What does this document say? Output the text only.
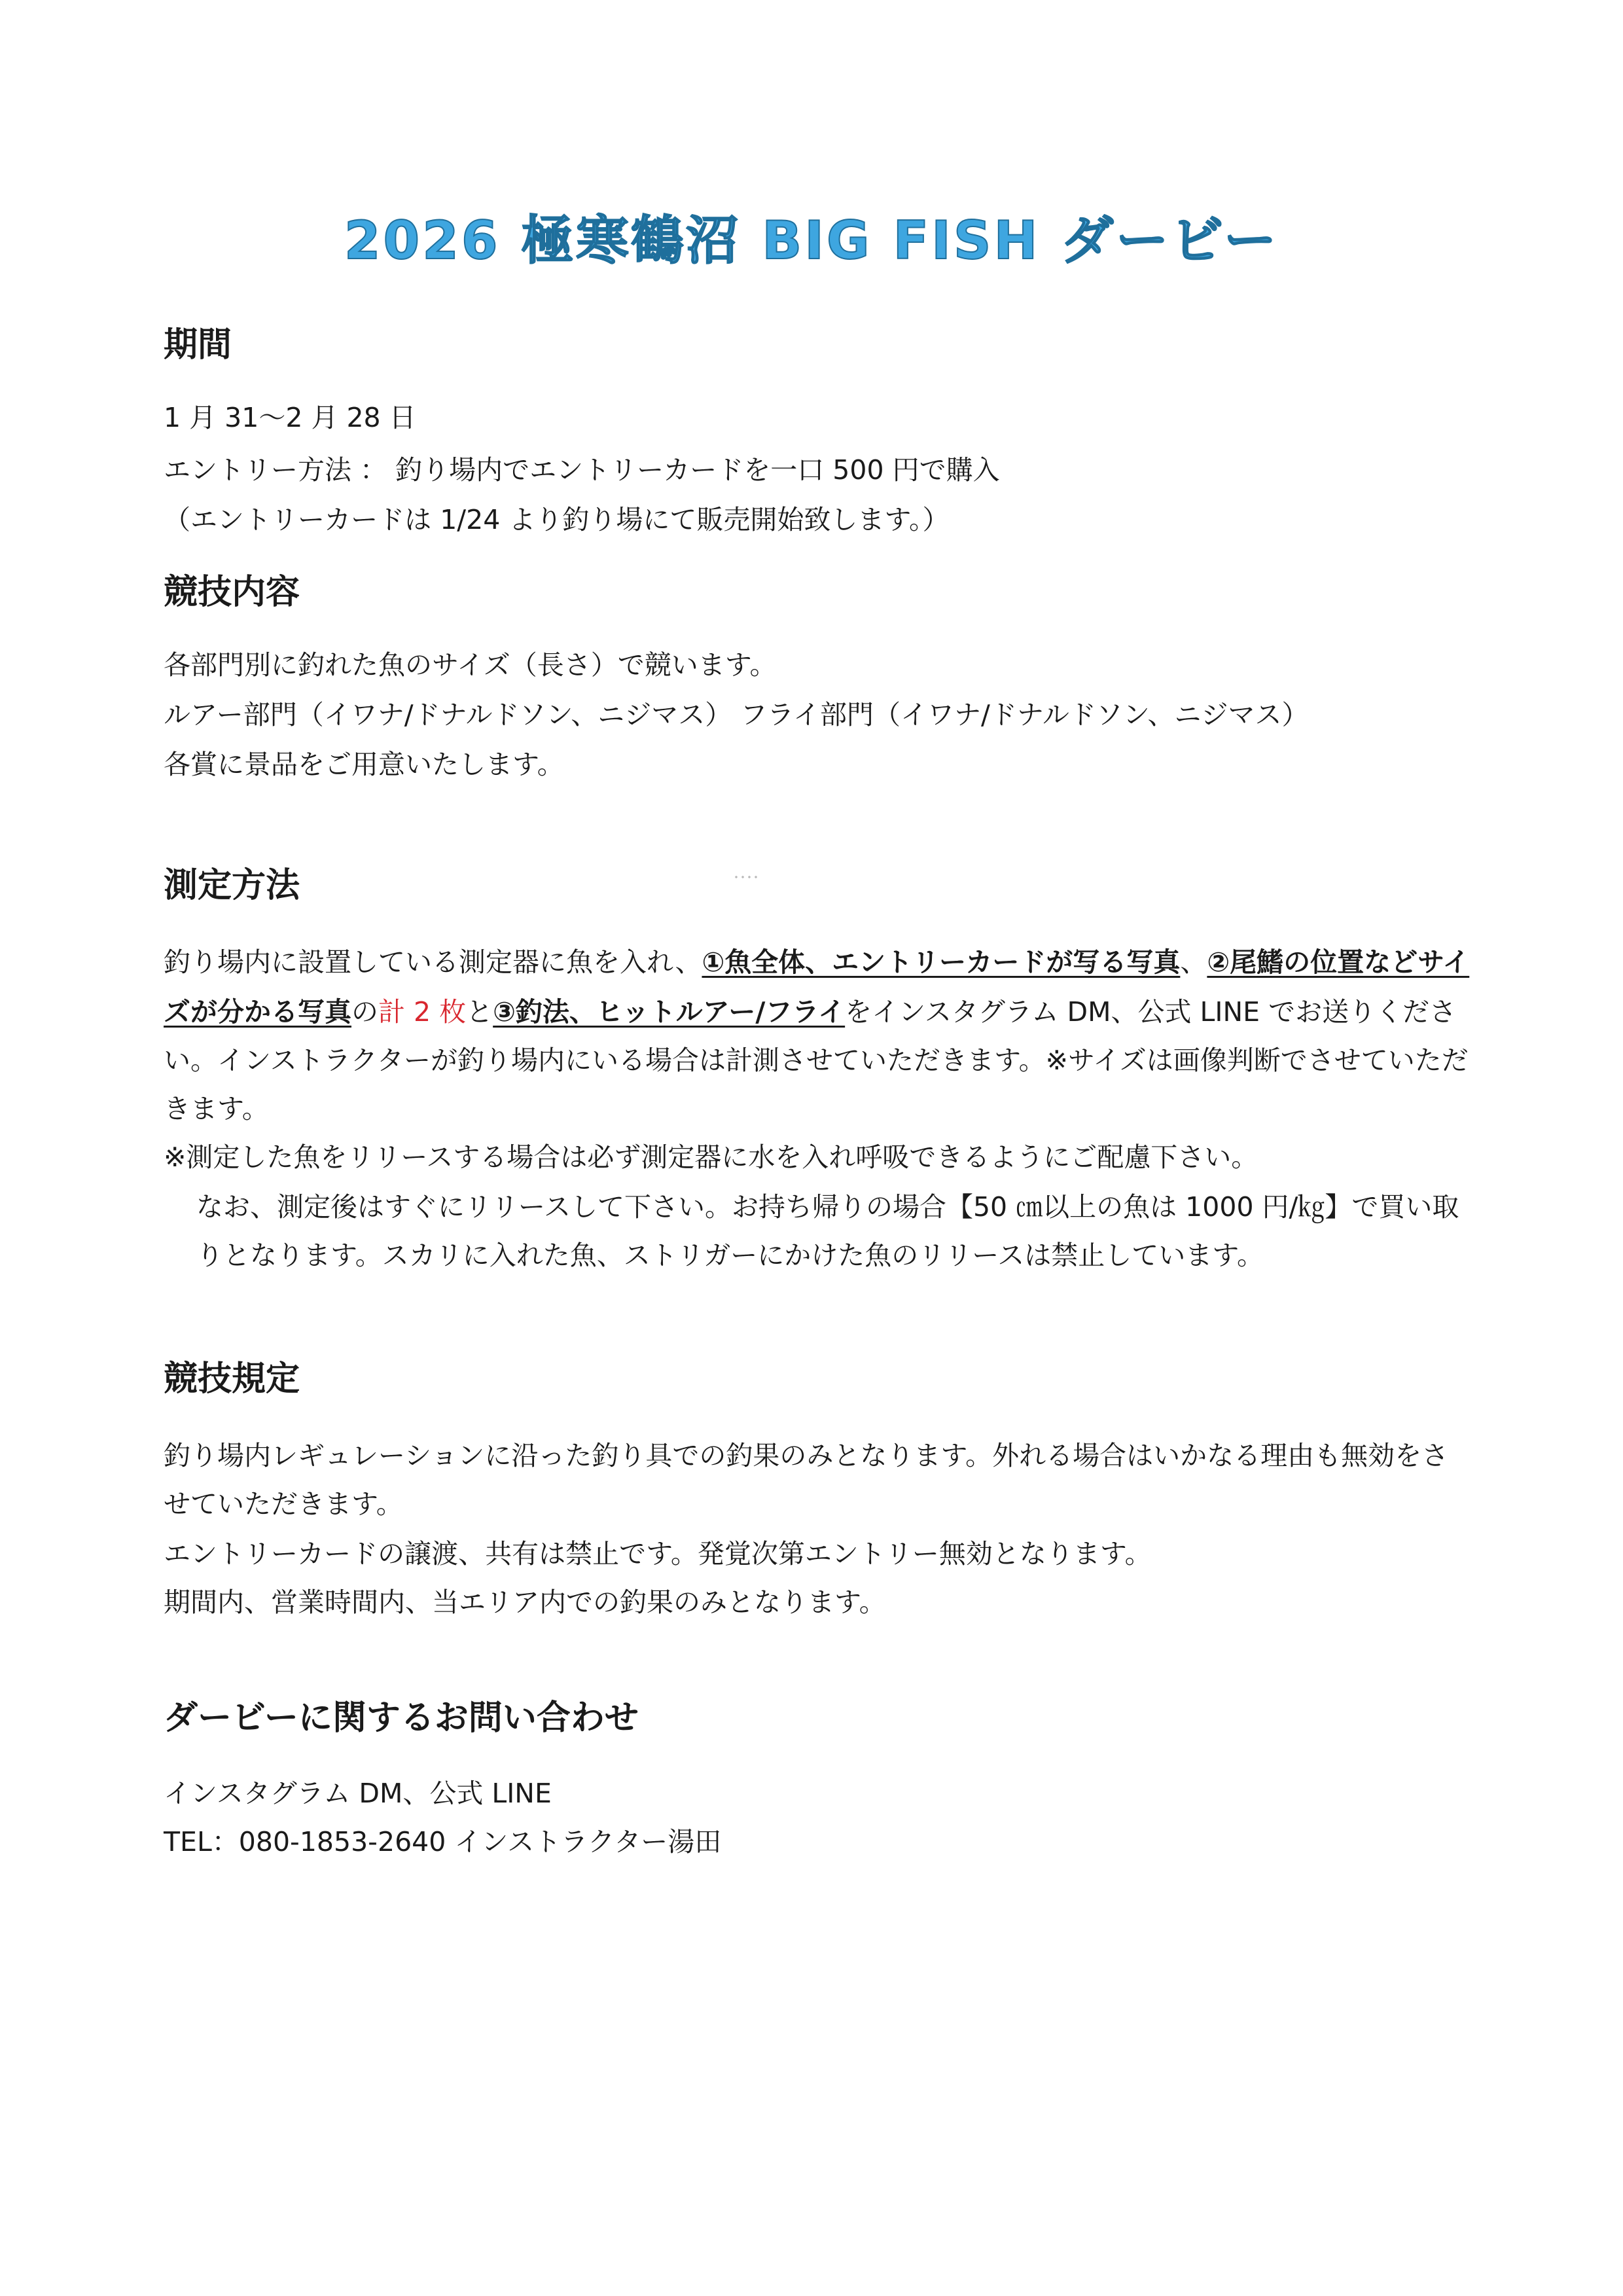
2026 極寒鶴沼 BIG FISH ダービー
期間
1 月 31～2 月 28 日
エントリー方法 ： 釣り場内でエントリーカードを一口 500 円で購入
（エントリーカードは 1/24 より釣り場にて販売開始致します。）
競技内容
各部門別に釣れた魚のサイズ（長さ）で競います。
ルアー部門（イワナ/ドナルドソン、ニジマス） フライ部門（イワナ/ドナルドソン、ニジマス）
各賞に景品をご用意いたします。
測定方法
釣り場内に設置している測定器に魚を入れ、①魚全体、エントリーカードが写る写真、②尾鰭の位置などサイ
ズが分かる写真の計 2 枚と③釣法、ヒットルアー/フライをインスタグラム DM、公式 LINE でお送りくださ
い。インストラクターが釣り場内にいる場合は計測させていただきます。※サイズは画像判断でさせていただ
きます。
※測定した魚をリリースする場合は必ず測定器に水を入れ呼吸できるようにご配慮下さい。
なお、測定後はすぐにリリースして下さい。お持ち帰りの場合【50 ㎝以上の魚は 1000 円/㎏】で買い取
りとなります。スカリに入れた魚、ストリガーにかけた魚のリリースは禁止しています。
競技規定
釣り場内レギュレーションに沿った釣り具での釣果のみとなります。外れる場合はいかなる理由も無効をさ
せていただきます。
エントリーカードの譲渡、共有は禁止です。発覚次第エントリー無効となります。
期間内、営業時間内、当エリア内での釣果のみとなります。
ダービーに関するお問い合わせ
インスタグラム DM、公式 LINE
TEL：080-1853-2640 インストラクター湯田
